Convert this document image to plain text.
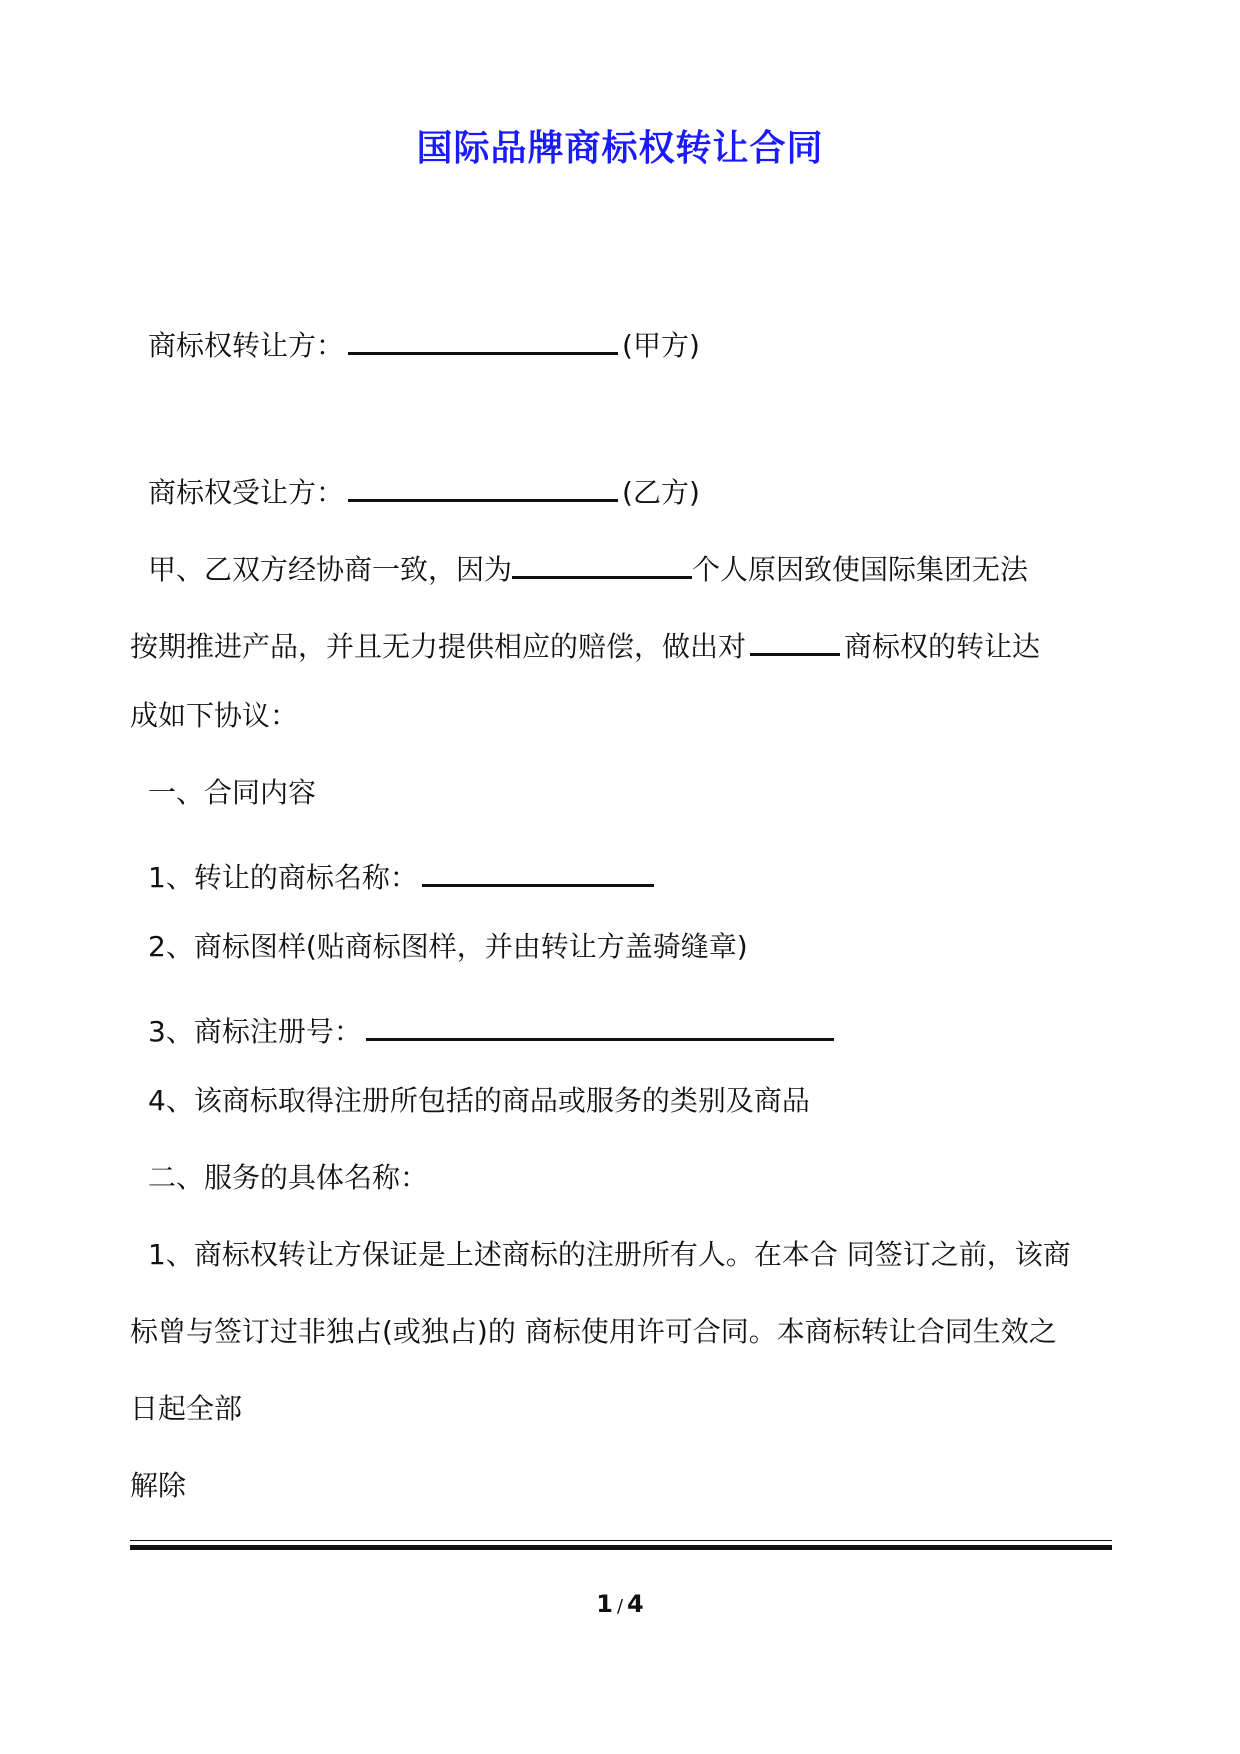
国际品牌商标权转让合同
商标权转让方：	(甲方)
商标权受让方：	(乙方)
甲、乙双方经协商一致，因为	个人原因致使国际集团无法
按期推进产品，并且无力提供相应的赔偿，做出对	商标权的转让达
成如下协议：
一、合同内容
1、转让的商标名称：
2、商标图样(贴商标图样，并由转让方盖骑缝章)
3、商标注册号：
4、该商标取得注册所包括的商品或服务的类别及商品
二、服务的具体名称：
1、商标权转让方保证是上述商标的注册所有人。在本合 同签订之前，该商
标曾与签订过非独占(或独占)的 商标使用许可合同。本商标转让合同生效之
日起全部
解除
1 / 4
